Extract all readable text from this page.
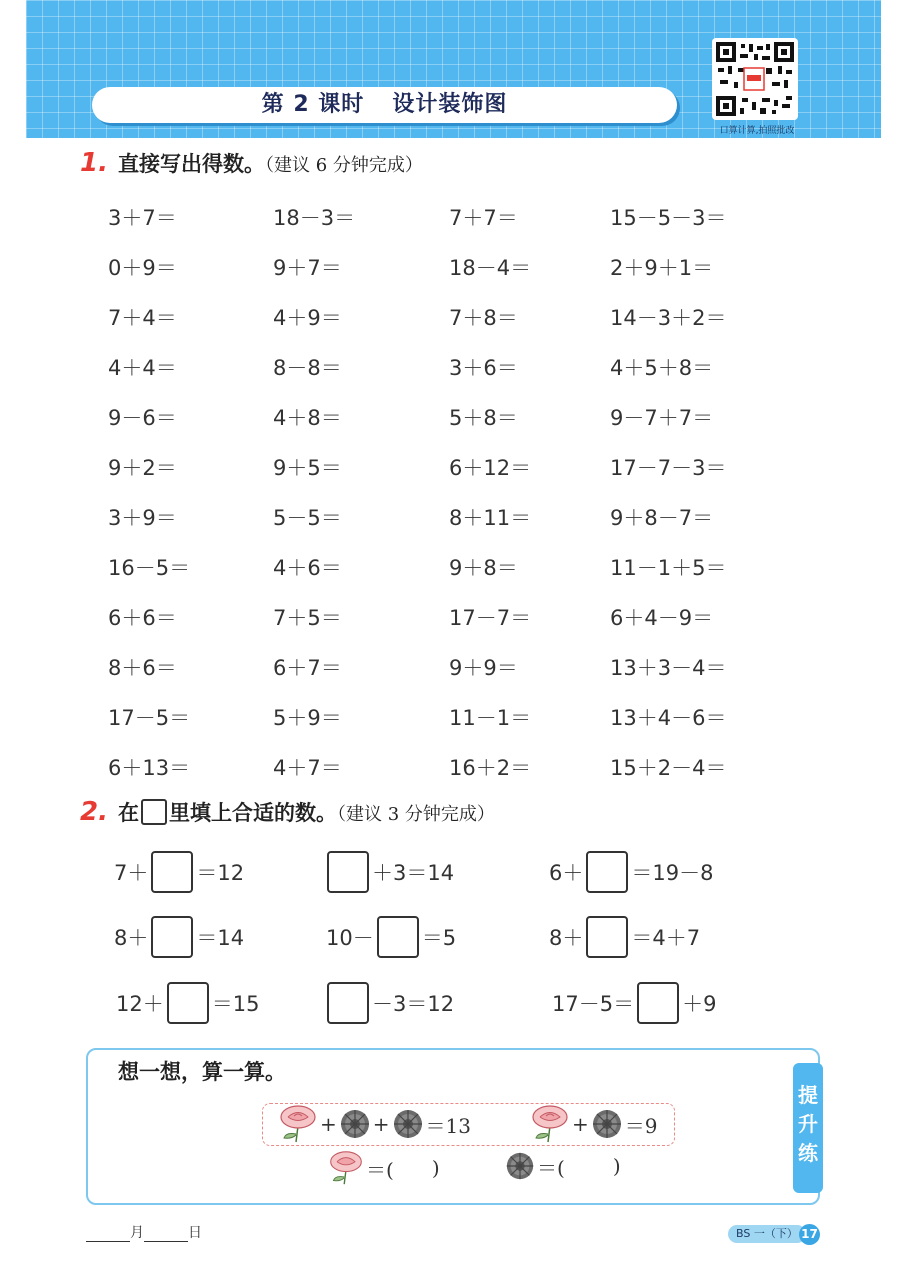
第 2 课时 设计装饰图
口算计算,拍照批改
1. 直接写出得数。（建议 6 分钟完成）
3＋7＝	18－3＝	7＋7＝	15－5－3＝
0＋9＝	9＋7＝	18－4＝	2＋9＋1＝
7＋4＝	4＋9＝	7＋8＝	14－3＋2＝
4＋4＝	8－8＝	3＋6＝	4＋5＋8＝
9－6＝	4＋8＝	5＋8＝	9－7＋7＝
9＋2＝	9＋5＝	6＋12＝	17－7－3＝
3＋9＝	5－5＝	8＋11＝	9＋8－7＝
16－5＝	4＋6＝	9＋8＝	11－1＋5＝
6＋6＝	7＋5＝	17－7＝	6＋4－9＝
8＋6＝	6＋7＝	9＋9＝	13＋3－4＝
17－5＝	5＋9＝	11－1＝	13＋4－6＝
6＋13＝	4＋7＝	16＋2＝	15＋2－4＝
2. 在 里填上合适的数。（建议 3 分钟完成）
7＋ ＝12	＋3＝14	6＋ ＝19－8
8＋ ＝14	10－ ＝5	8＋ ＝4＋7
12＋ ＝15	－3＝12	17－5＝ ＋9
想一想，算一算。
提
升
练
+ + ＝13	+ ＝9
＝( )	＝( )
月	日	BS 一（下） 17
